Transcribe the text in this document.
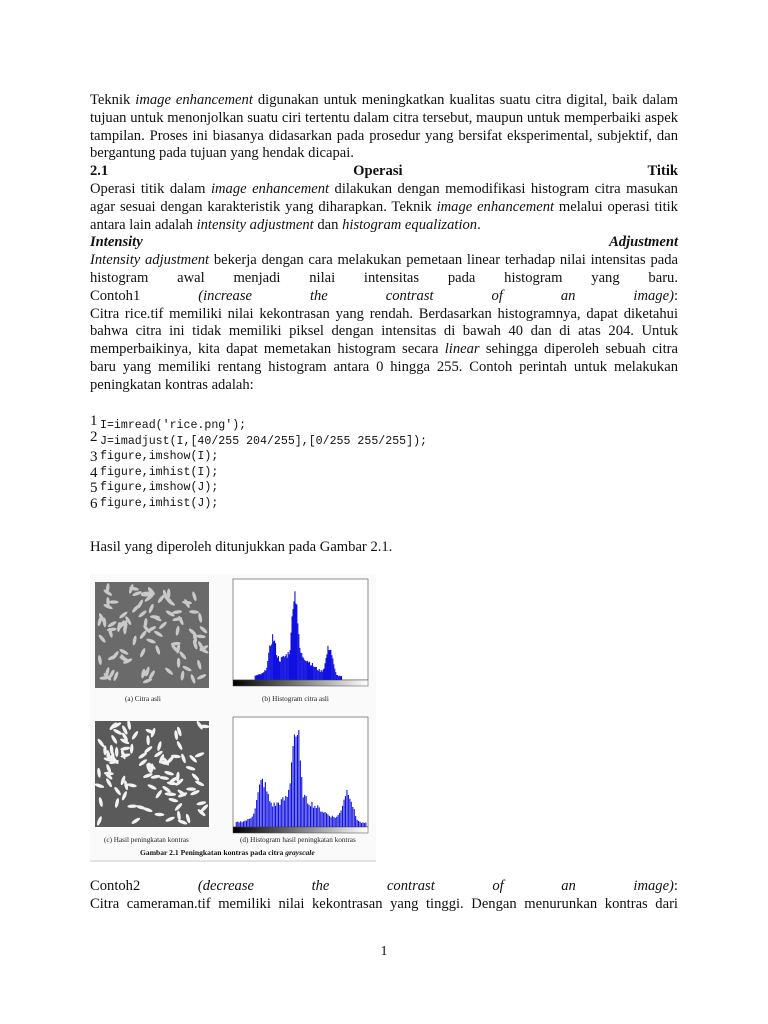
Teknik image enhancement digunakan untuk meningkatkan kualitas suatu citra digital, baik dalam tujuan untuk menonjolkan suatu ciri tertentu dalam citra tersebut, maupun untuk memperbaiki aspek tampilan. Proses ini biasanya didasarkan pada prosedur yang bersifat eksperimental, subjektif, dan bergantung pada tujuan yang hendak dicapai.

2.1	Operasi	Titik

Operasi titik dalam image enhancement dilakukan dengan memodifikasi histogram citra masukan agar sesuai dengan karakteristik yang diharapkan. Teknik image enhancement melalui operasi titik antara lain adalah intensity adjustment dan histogram equalization.

Intensity	Adjustment

Intensity adjustment bekerja dengan cara melakukan pemetaan linear terhadap nilai intensitas pada histogram awal menjadi nilai intensitas pada histogram yang baru.

Contoh1	(increase	the	contrast	of	an	image):

Citra rice.tif memiliki nilai kekontrasan yang rendah. Berdasarkan histogramnya, dapat diketahui bahwa citra ini tidak memiliki piksel dengan intensitas di bawah 40 dan di atas 204. Untuk memperbaikinya, kita dapat memetakan histogram secara linear sehingga diperoleh sebuah citra baru yang memiliki rentang histogram antara 0 hingga 255. Contoh perintah untuk melakukan peningkatan kontras adalah:

1 I=imread('rice.png');
2 J=imadjust(I,[40/255 204/255],[0/255 255/255]);
3 figure,imshow(I);
4 figure,imhist(I);
5 figure,imshow(J);
6 figure,imhist(J);
Hasil yang diperoleh ditunjukkan pada Gambar 2.1.
(a) Citra asli	(b) Histogram citra asli
(c) Hasil peningkatan kontras	(d) Histogram hasil peningkatan kontras
Gambar 2.1 Peningkatan kontras pada citra grayscale
Contoh2	(decrease	the	contrast	of	an	image):

Citra cameraman.tif memiliki nilai kekontrasan yang tinggi. Dengan menurunkan kontras dari

1
